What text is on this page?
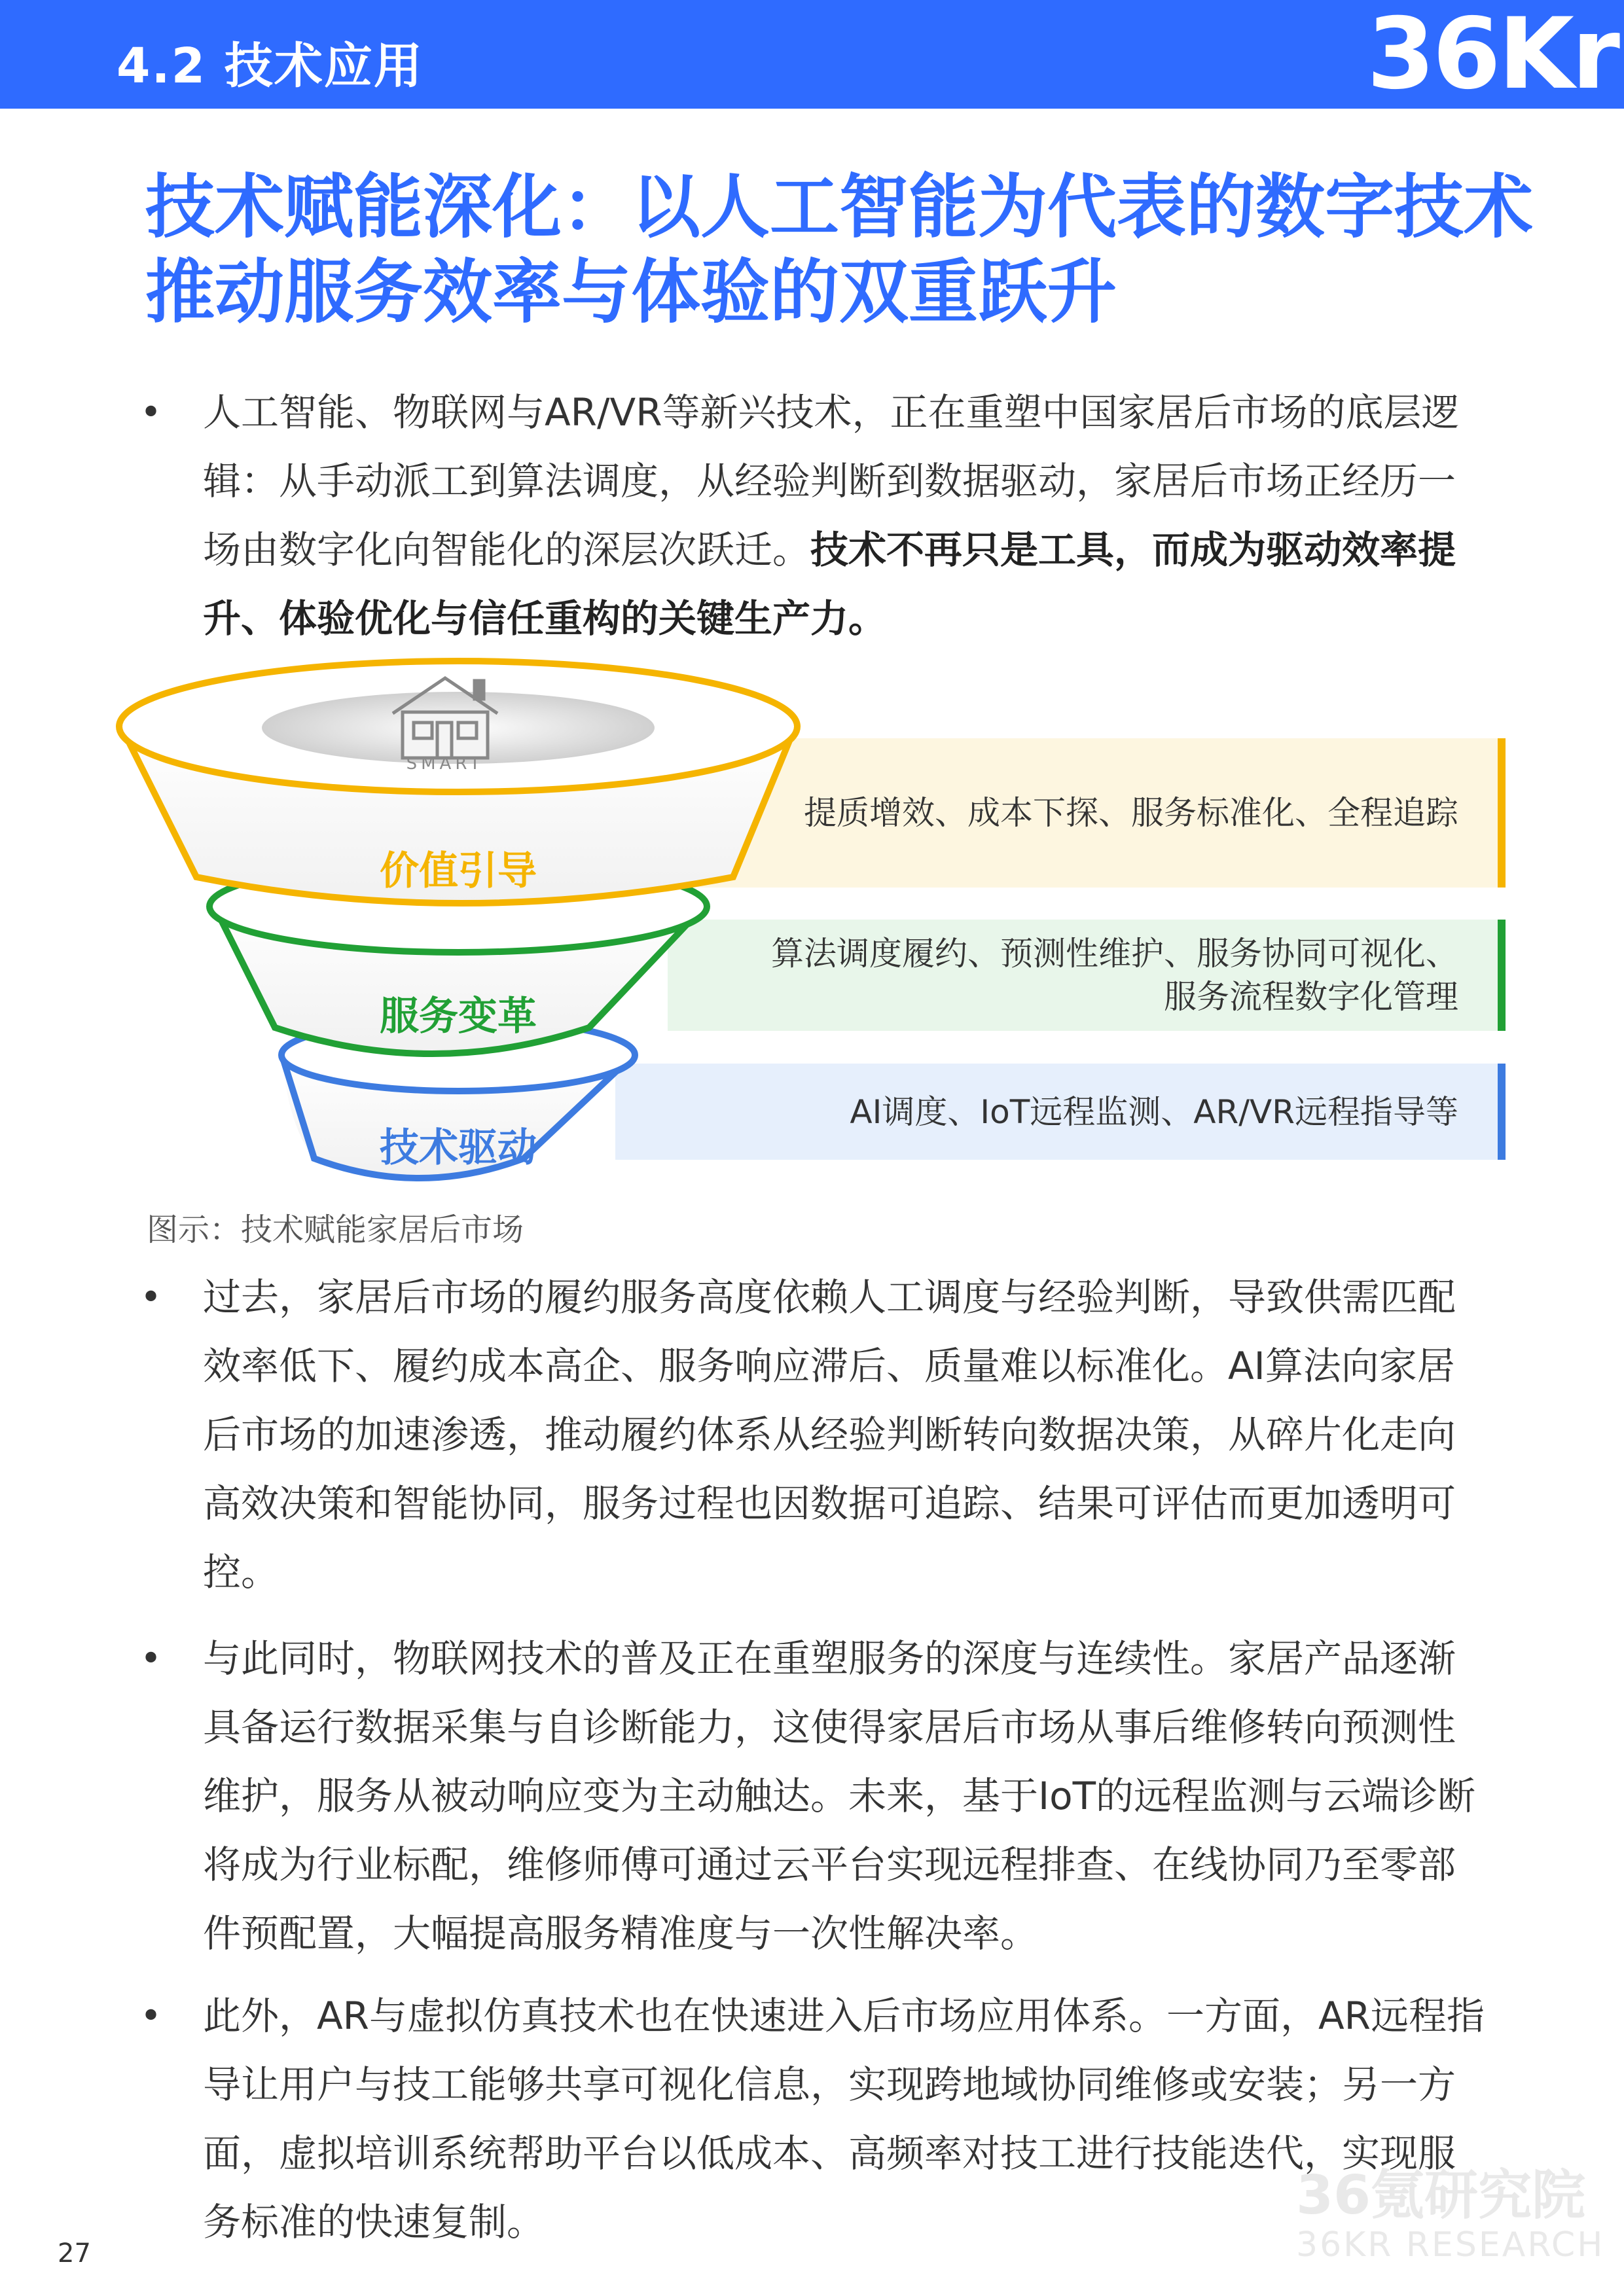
4.2 技术应用	36Kr
技术赋能深化：以人工智能为代表的数字技术
推动服务效率与体验的双重跃升
• 人工智能、物联网与AR/VR等新兴技术，正在重塑中国家居后市场的底层逻辑：从手动派工到算法调度，从经验判断到数据驱动，家居后市场正经历一场由数字化向智能化的深层次跃迁。技术不再只是工具，而成为驱动效率提升、体验优化与信任重构的关键生产力。
提质增效、成本下探、服务标准化、全程追踪
算法调度履约、预测性维护、服务协同可视化、
服务流程数字化管理
AI调度、IoT远程监测、AR/VR远程指导等
SMART
价值引导
服务变革
技术驱动
图示：技术赋能家居后市场
• 过去，家居后市场的履约服务高度依赖人工调度与经验判断，导致供需匹配效率低下、履约成本高企、服务响应滞后、质量难以标准化。AI算法向家居后市场的加速渗透，推动履约体系从经验判断转向数据决策，从碎片化走向高效决策和智能协同，服务过程也因数据可追踪、结果可评估而更加透明可控。
• 与此同时，物联网技术的普及正在重塑服务的深度与连续性。家居产品逐渐具备运行数据采集与自诊断能力，这使得家居后市场从事后维修转向预测性维护，服务从被动响应变为主动触达。未来，基于IoT的远程监测与云端诊断将成为行业标配，维修师傅可通过云平台实现远程排查、在线协同乃至零部件预配置，大幅提高服务精准度与一次性解决率。
• 此外，AR与虚拟仿真技术也在快速进入后市场应用体系。一方面，AR远程指导让用户与技工能够共享可视化信息，实现跨地域协同维修或安装；另一方面，虚拟培训系统帮助平台以低成本、高频率对技工进行技能迭代，实现服务标准的快速复制。
27
36氪研究院
36KR RESEARCH
